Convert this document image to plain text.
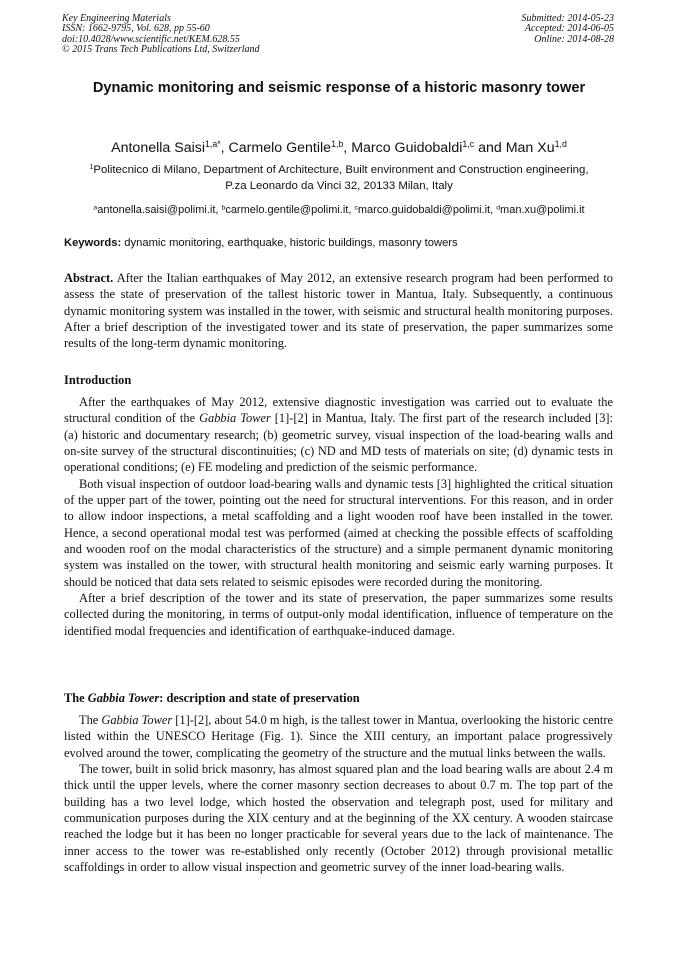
Key Engineering Materials
ISSN: 1662-9795, Vol. 628, pp 55-60
doi:10.4028/www.scientific.net/KEM.628.55
© 2015 Trans Tech Publications Ltd, Switzerland
Submitted: 2014-05-23
Accepted: 2014-06-05
Online: 2014-08-28
Dynamic monitoring and seismic response of a historic masonry tower
Antonella Saisi$^{1,a*}$, Carmelo Gentile$^{1,b}$, Marco Guidobaldi$^{1,c}$ and Man Xu$^{1,d}$
$^1$Politecnico di Milano, Department of Architecture, Built environment and Construction engineering,
P.za Leonardo da Vinci 32, 20133 Milan, Italy
$^a$antonella.saisi@polimi.it, $^b$carmelo.gentile@polimi.it, $^c$marco.guidobaldi@polimi.it, $^d$man.xu@polimi.it
Keywords: dynamic monitoring, earthquake, historic buildings, masonry towers

Abstract. After the Italian earthquakes of May 2012, an extensive research program had been performed to assess the state of preservation of the tallest historic tower in Mantua, Italy. Subsequently, a continuous dynamic monitoring system was installed in the tower, with seismic and structural health monitoring purposes. After a brief description of the investigated tower and its state of preservation, the paper summarizes some results of the long-term dynamic monitoring.

Introduction

After the earthquakes of May 2012, extensive diagnostic investigation was carried out to evaluate the structural condition of the Gabbia Tower [1]-[2] in Mantua, Italy. The first part of the research included [3]: (a) historic and documentary research; (b) geometric survey, visual inspection of the load-bearing walls and on-site survey of the structural discontinuities; (c) ND and MD tests of materials on site; (d) dynamic tests in operational conditions; (e) FE modeling and prediction of the seismic performance.

Both visual inspection of outdoor load-bearing walls and dynamic tests [3] highlighted the critical situation of the upper part of the tower, pointing out the need for structural interventions. For this reason, and in order to allow indoor inspections, a metal scaffolding and a light wooden roof have been installed in the tower. Hence, a second operational modal test was performed (aimed at checking the possible effects of scaffolding and wooden roof on the modal characteristics of the structure) and a simple permanent dynamic monitoring system was installed on the tower, with structural health monitoring and seismic early warning purposes. It should be noticed that data sets related to seismic episodes were recorded during the monitoring.

After a brief description of the tower and its state of preservation, the paper summarizes some results collected during the monitoring, in terms of output-only modal identification, influence of temperature on the identified modal frequencies and identification of earthquake-induced damage.

The Gabbia Tower: description and state of preservation

The Gabbia Tower [1]-[2], about 54.0 m high, is the tallest tower in Mantua, overlooking the historic centre listed within the UNESCO Heritage (Fig. 1). Since the XIII century, an important palace progressively evolved around the tower, complicating the geometry of the structure and the mutual links between the walls.

The tower, built in solid brick masonry, has almost squared plan and the load bearing walls are about 2.4 m thick until the upper levels, where the corner masonry section decreases to about 0.7 m. The top part of the building has a two level lodge, which hosted the observation and telegraph post, used for military and communication purposes during the XIX century and at the beginning of the XX century. A wooden staircase reached the lodge but it has been no longer practicable for several years due to the lack of maintenance. The inner access to the tower was re-established only recently (October 2012) through provisional metallic scaffoldings in order to allow visual inspection and geometric survey of the inner load-bearing walls.
